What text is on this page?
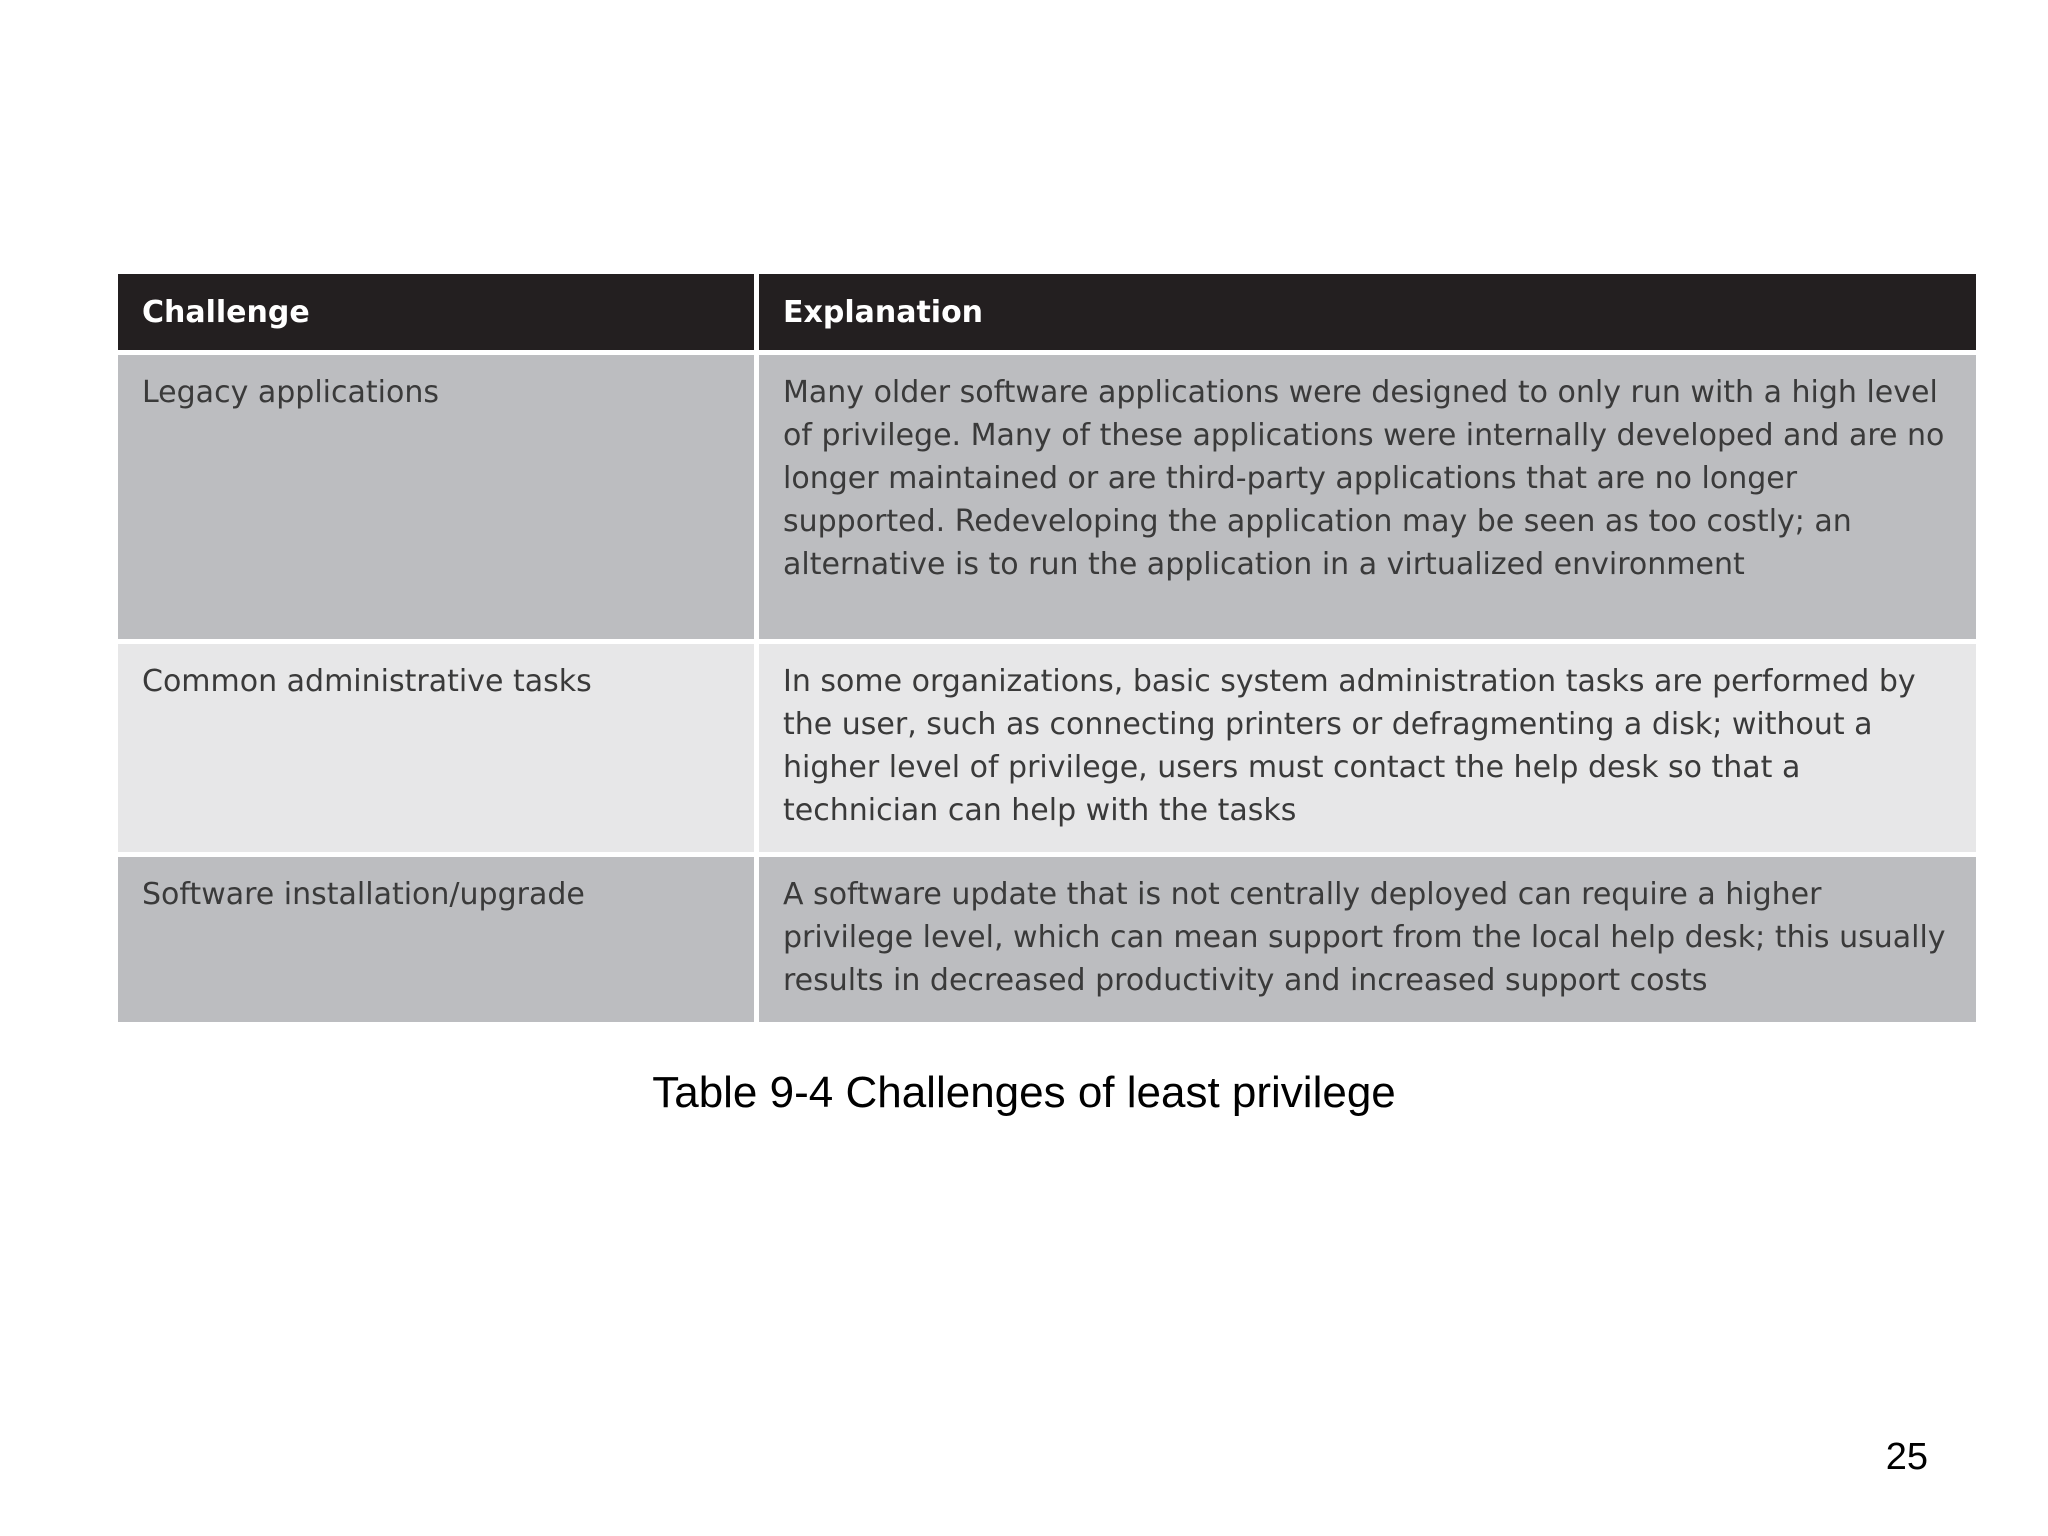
Challenge	Explanation
Legacy applications	Many older software applications were designed to only run with a high level of privilege. Many of these applications were internally developed and are no longer maintained or are third-party applications that are no longer supported. Redeveloping the application may be seen as too costly; an alternative is to run the application in a virtualized environment
Common administrative tasks	In some organizations, basic system administration tasks are performed by the user, such as connecting printers or defragmenting a disk; without a higher level of privilege, users must contact the help desk so that a technician can help with the tasks
Software installation/upgrade	A software update that is not centrally deployed can require a higher privilege level, which can mean support from the local help desk; this usually results in decreased productivity and increased support costs
Table 9-4 Challenges of least privilege
25
